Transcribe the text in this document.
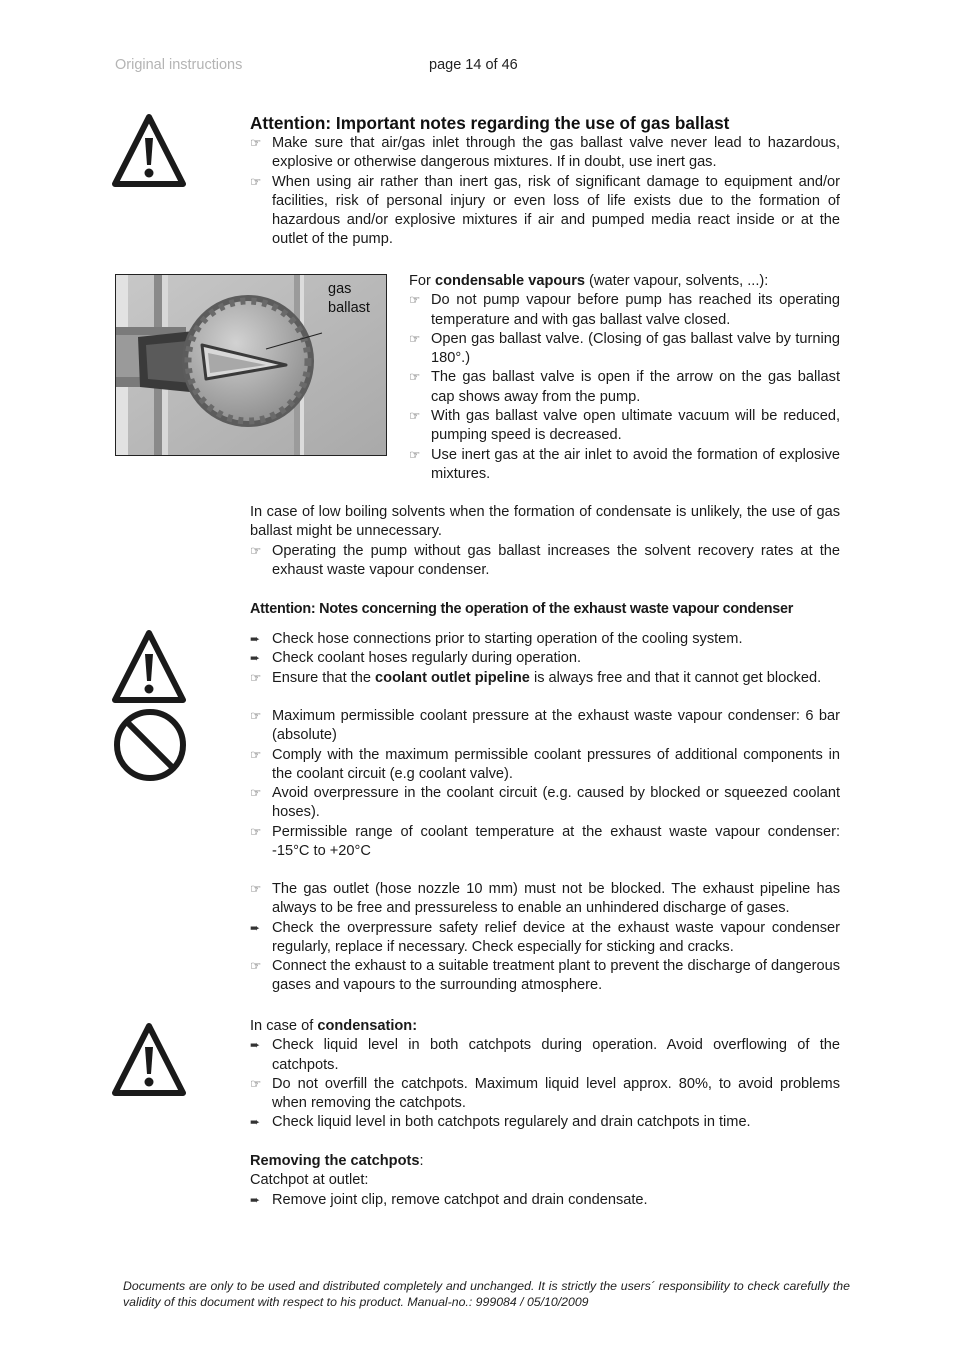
Original instructions	page 14 of 46
Attention: Important notes regarding the use of gas ballast
☞ Make sure that air/gas inlet through the gas ballast valve never lead to hazardous, explosive or otherwise dangerous mixtures. If in doubt, use inert gas.
☞ When using air rather than inert gas, risk of significant damage to equipment and/or facilities, risk of personal injury or even loss of life exists due to the formation of hazardous and/or explosive mixtures if air and pumped media react inside or at the outlet of the pump.
gas
ballast

For condensable vapours (water vapour, solvents, ...):

☞ Do not pump vapour before pump has reached its operating temperature and with gas ballast valve closed.
☞ Open gas ballast valve. (Closing of gas ballast valve by turning 180°.)
☞ The gas ballast valve is open if the arrow on the gas ballast cap shows away from the pump.
☞ With gas ballast valve open ultimate vacuum will be reduced, pumping speed is decreased.
☞ Use inert gas at the air inlet to avoid the formation of explosive mixtures.

In case of low boiling solvents when the formation of condensate is unlikely, the use of gas ballast might be unnecessary.

☞ Operating the pump without gas ballast increases the solvent recovery rates at the exhaust waste vapour condenser.
Attention: Notes concerning the operation of the exhaust waste vapour condenser
➨ Check hose connections prior to starting operation of the cooling system.
➨ Check coolant hoses regularly during operation.
☞ Ensure that the coolant outlet pipeline is always free and that it cannot get blocked.
☞ Maximum permissible coolant pressure at the exhaust waste vapour condenser: 6 bar (absolute)
☞ Comply with the maximum permissible coolant pressures of additional components in the coolant circuit (e.g coolant valve).
☞ Avoid overpressure in the coolant circuit (e.g. caused by blocked or squeezed coolant hoses).
☞ Permissible range of coolant temperature at the exhaust waste vapour condenser: -15°C to +20°C
☞ The gas outlet (hose nozzle 10 mm) must not be blocked. The exhaust pipeline has always to be free and pressureless to enable an unhindered discharge of gases.
➨ Check the overpressure safety relief device at the exhaust waste vapour condenser regularly, replace if necessary. Check especially for sticking and cracks.
☞ Connect the exhaust to a suitable treatment plant to prevent the discharge of dangerous gases and vapours to the surrounding atmosphere.

In case of condensation:

➨ Check liquid level in both catchpots during operation. Avoid overflowing of the catchpots.
☞ Do not overfill the catchpots. Maximum liquid level approx. 80%, to avoid problems when removing the catchpots.
➨ Check liquid level in both catchpots regularely and drain catchpots in time.

Removing the catchpots:

Catchpot at outlet:

➨ Remove joint clip, remove catchpot and drain condensate.
Documents are only to be used and distributed completely and unchanged. It is strictly the users´ responsibility to check carefully the validity of this document with respect to his product. Manual-no.: 999084 / 05/10/2009
